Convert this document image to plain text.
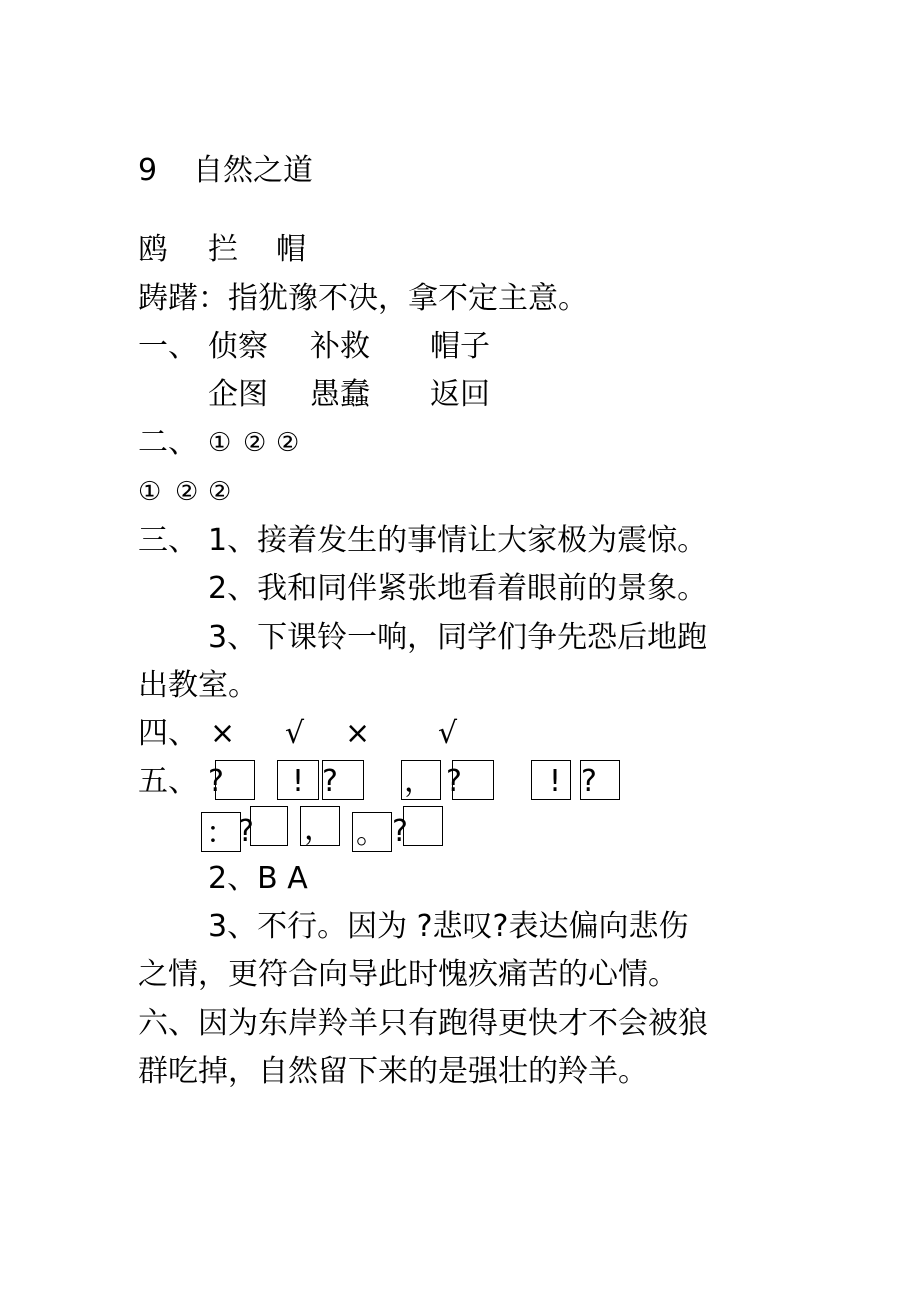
9 自然之道
鸥 拦 帽
踌躇：指犹豫不决，拿不定主意。
一、 侦察 补救 帽子
企图 愚蠢 返回
二、 ① ② ②
① ② ②
三、 1、接着发生的事情让大家极为震惊。
2、我和同伴紧张地看着眼前的景象。
3、下课铃一响，同学们争先恐后地跑
出教室。
四、 × √ × √
五、 ? ! ? ， ?	! ?
： ? ， 。 ?
2、B A
3、不行。因为 ?悲叹?表达偏向悲伤
之情，更符合向导此时愧疚痛苦的心情。
六、因为东岸羚羊只有跑得更快才不会被狼
群吃掉，自然留下来的是强壮的羚羊。
